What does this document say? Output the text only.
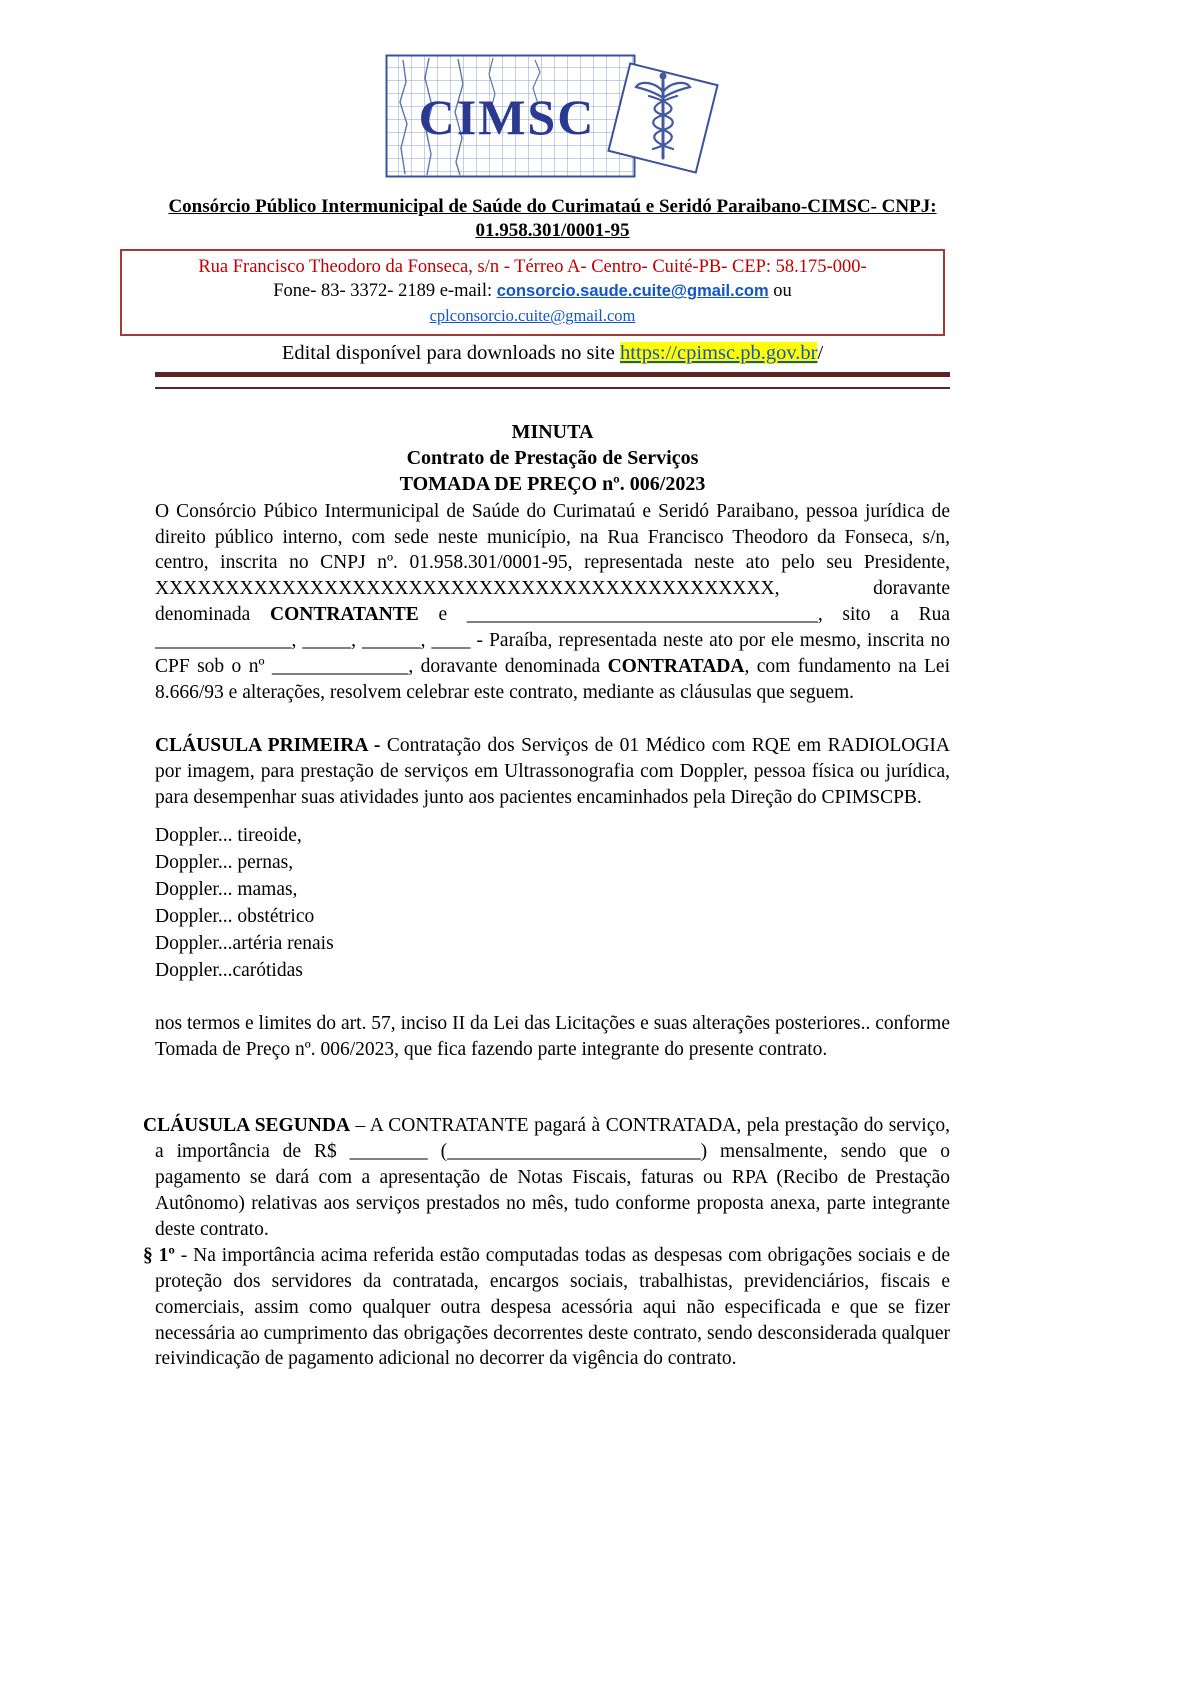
CIMSC
Consórcio Público Intermunicipal de Saúde do Curimataú e Seridó Paraibano-CIMSC- CNPJ:
01.958.301/0001-95
Rua Francisco Theodoro da Fonseca, s/n - Térreo A- Centro- Cuité-PB- CEP: 58.175-000-
Fone- 83- 3372- 2189 e-mail: consorcio.saude.cuite@gmail.com ou
cplconsorcio.cuite@gmail.com
Edital disponível para downloads no site https://cpimsc.pb.gov.br/
MINUTA
Contrato de Prestação de Serviços
TOMADA DE PREÇO nº. 006/2023

O Consórcio Púbico Intermunicipal de Saúde do Curimataú e Seridó Paraibano, pessoa jurídica de direito público interno, com sede neste município, na Rua Francisco Theodoro da Fonseca, s/n, centro, inscrita no CNPJ nº. 01.958.301/0001-95, representada neste ato pelo seu Presidente, XXXXXXXXXXXXXXXXXXXXXXXXXXXXXXXXXXXXXXXXXXXX, doravante denominada CONTRATANTE e ____________________________________, sito a Rua ______________, _____, ______, ____ - Paraíba, representada neste ato por ele mesmo, inscrita no CPF sob o nº ______________, doravante denominada CONTRATADA, com fundamento na Lei 8.666/93 e alterações, resolvem celebrar este contrato, mediante as cláusulas que seguem.

CLÁUSULA PRIMEIRA - Contratação dos Serviços de 01 Médico com RQE em RADIOLOGIA por imagem, para prestação de serviços em Ultrassonografia com Doppler, pessoa física ou jurídica, para desempenhar suas atividades junto aos pacientes encaminhados pela Direção do CPIMSCPB.

Doppler... tireoide,
Doppler... pernas,
Doppler... mamas,
Doppler... obstétrico
Doppler...artéria renais
Doppler...carótidas

nos termos e limites do art. 57, inciso II da Lei das Licitações e suas alterações posteriores.. conforme Tomada de Preço nº. 006/2023, que fica fazendo parte integrante do presente contrato.

CLÁUSULA SEGUNDA – A CONTRATANTE pagará à CONTRATADA, pela prestação do serviço, a importância de R$ ________ (__________________________) mensalmente, sendo que o pagamento se dará com a apresentação de Notas Fiscais, faturas ou RPA (Recibo de Prestação Autônomo) relativas aos serviços prestados no mês, tudo conforme proposta anexa, parte integrante deste contrato.

§ 1º - Na importância acima referida estão computadas todas as despesas com obrigações sociais e de proteção dos servidores da contratada, encargos sociais, trabalhistas, previdenciários, fiscais e comerciais, assim como qualquer outra despesa acessória aqui não especificada e que se fizer necessária ao cumprimento das obrigações decorrentes deste contrato, sendo desconsiderada qualquer reivindicação de pagamento adicional no decorrer da vigência do contrato.
